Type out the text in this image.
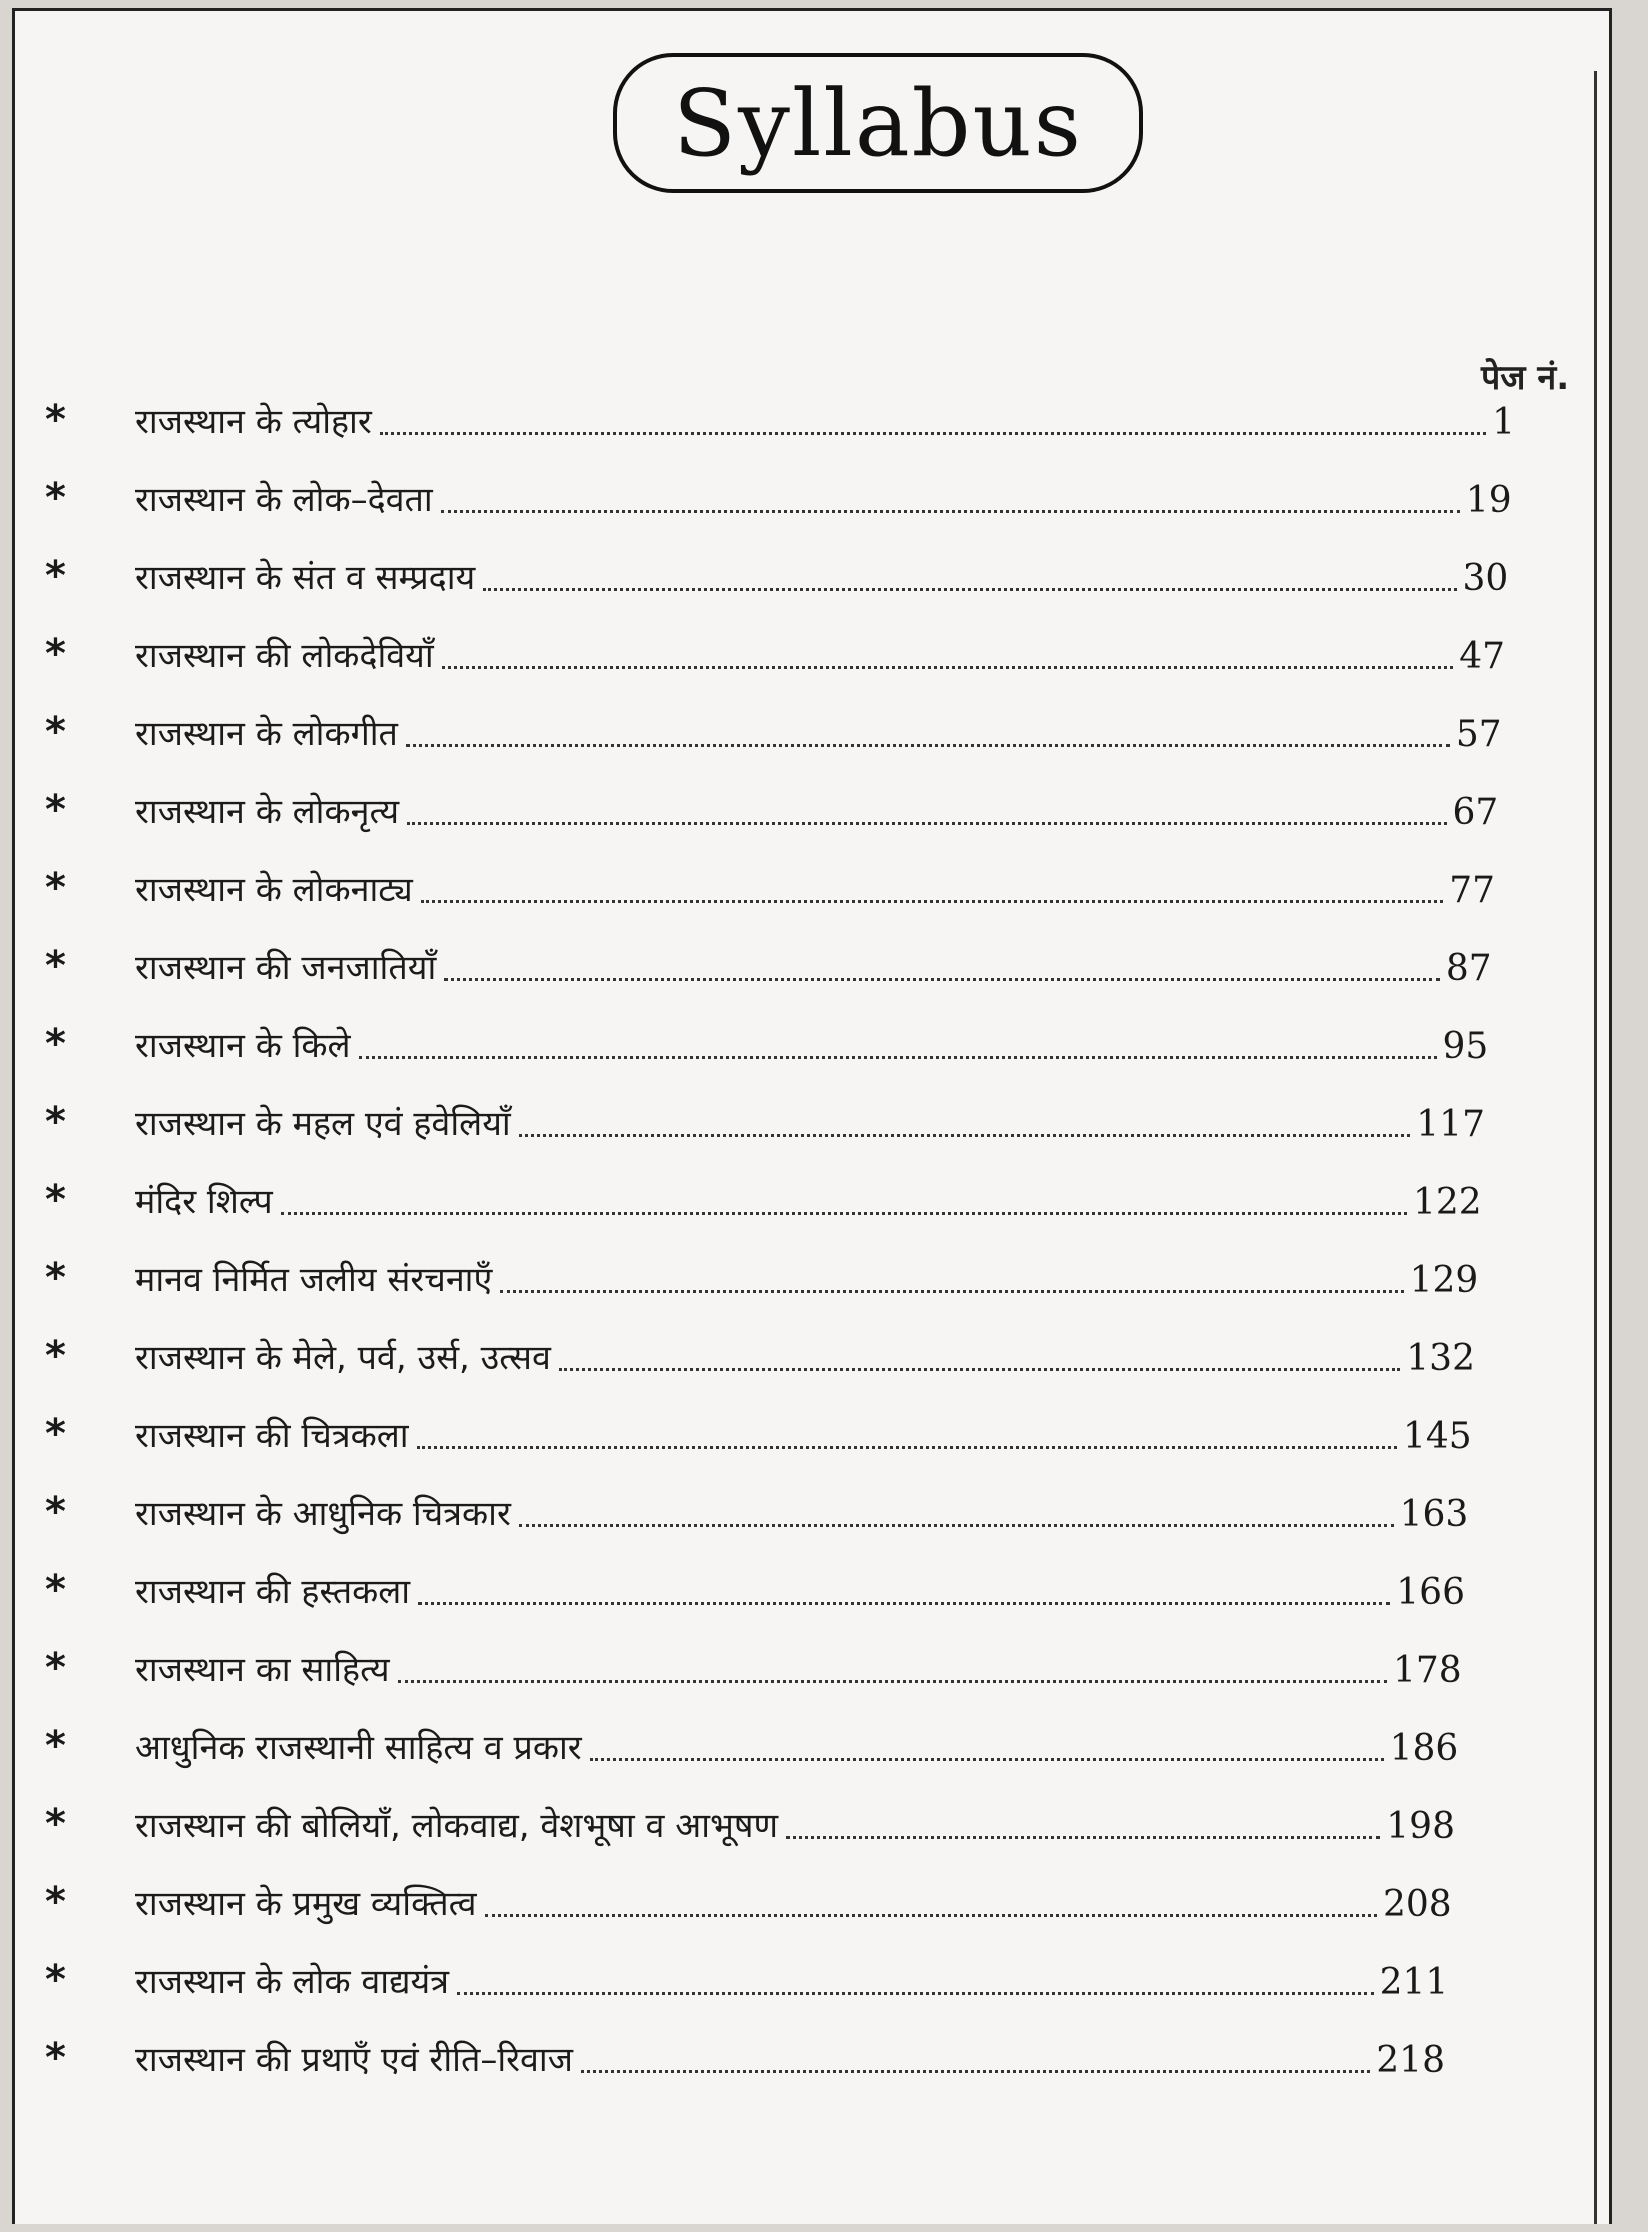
Syllabus
पेज नं.
* राजस्थान के त्योहार	1
* राजस्थान के लोक–देवता	19
* राजस्थान के संत व सम्प्रदाय	30
* राजस्थान की लोकदेवियाँ	47
* राजस्थान के लोकगीत	57
* राजस्थान के लोकनृत्य	67
* राजस्थान के लोकनाट्य	77
* राजस्थान की जनजातियाँ	87
* राजस्थान के किले	95
* राजस्थान के महल एवं हवेलियाँ	117
* मंदिर शिल्प	122
* मानव निर्मित जलीय संरचनाएँ	129
* राजस्थान के मेले, पर्व, उर्स, उत्सव	132
* राजस्थान की चित्रकला	145
* राजस्थान के आधुनिक चित्रकार	163
* राजस्थान की हस्तकला	166
* राजस्थान का साहित्य	178
* आधुनिक राजस्थानी साहित्य व प्रकार	186
* राजस्थान की बोलियाँ, लोकवाद्य, वेशभूषा व आभूषण	198
* राजस्थान के प्रमुख व्यक्तित्व	208
* राजस्थान के लोक वाद्ययंत्र	211
* राजस्थान की प्रथाएँ एवं रीति–रिवाज	218
